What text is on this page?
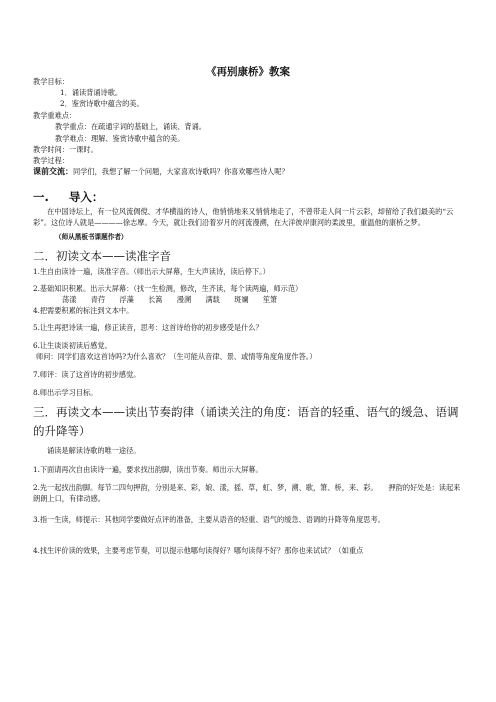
《再别康桥》教案
教学目标：
1．诵读背诵诗歌。
2．鉴赏诗歌中蕴含的美。
教学重难点：
教学重点：在疏通字词的基础上，诵读、背诵。
教学难点：理解、鉴赏诗歌中蕴含的美。
教学时间：一课时。
教学过程：
课前交流：同学们，我想了解一个问题，大家喜欢诗歌吗？你喜欢哪些诗人呢？
一. 导入：
在中国诗坛上，有一位风流倜傥、才华横溢的诗人，他悄悄地来又悄悄地走了，不曾带走人间一片云彩，却留给了我们最美的“云彩”。这位诗人就是————徐志摩。今天，就让我们沿着岁月的河流漫溯，在大洋彼岸康河的柔波里，重温他的康桥之梦。
（师从黑板书课题作者）
二．初读文本——读准字音
1.生自由读诗一遍，读准字音。（师出示大屏幕，生大声读诗，读后停下。）
2.基础知识积累。出示大屏幕：（找一生检测，修改，生齐读，每个读两遍，师示范）
荡漾 青荇 浮藻 长篙 漫溯 满载 斑斓 笙箫
4.把需要积累的标注到文本中。
5.让生再把诗读一遍，修正读音，思考：这首诗给你的初步感受是什么？
6.让生谈谈初读后感觉。
师问：同学们喜欢这首诗吗?为什么喜欢？（生可能从音律、景、或情等角度角度作答。）
7.师评：读了这首诗的初步感觉。
8.师出示学习目标。
三．再读文本——读出节奏韵律（诵读关注的角度：语音的轻重、语气的缓急、语调的升降等）
诵读是解读诗歌的唯一途径。
1.下面请再次自由读诗一遍，要求找出韵脚，读出节奏。师出示大屏幕。
2.先一起找出韵脚。每节二四句押韵，分别是来、彩，娘、漾，摇、草，虹、梦，溯、歌，箫、桥，来、彩。　　押韵的好处是：读起来朗朗上口，有律动感。
3.指一生读，师提示：其他同学要做好点评的准备，主要从语音的轻重、语气的缓急、语调的升降等角度思考。
4.找生评价读的效果，主要考虑节奏，可以提示他哪句读得好？哪句读得不好？那你也来试试？（如重点
